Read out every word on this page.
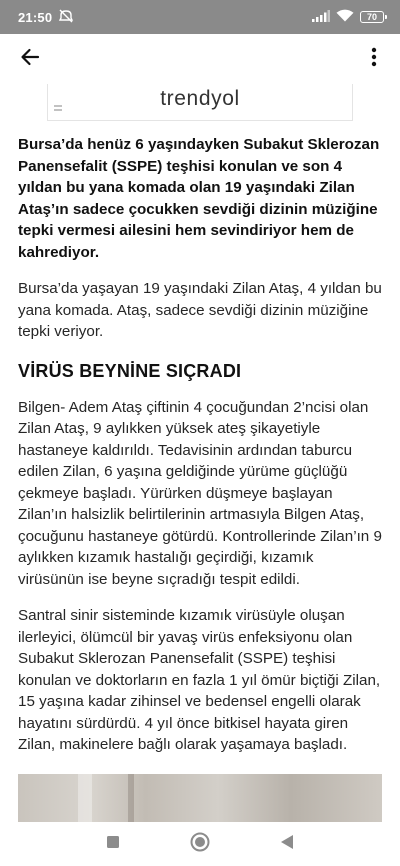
21:50	70
trendyol

Bursa’da henüz 6 yaşındayken Subakut Sklerozan Panensefalit (SSPE) teşhisi konulan ve son 4 yıldan bu yana komada olan 19 yaşındaki Zilan Ataş’ın sadece çocukken sevdiği dizinin müziğine tepki vermesi ailesini hem sevindiriyor hem de kahrediyor.

Bursa’da yaşayan 19 yaşındaki Zilan Ataş, 4 yıldan bu yana komada. Ataş, sadece sevdiği dizinin müziğine tepki veriyor.

VİRÜS BEYNİNE SIÇRADI

Bilgen- Adem Ataş çiftinin 4 çocuğundan 2’ncisi olan Zilan Ataş, 9 aylıkken yüksek ateş şikayetiyle hastaneye kaldırıldı. Tedavisinin ardından taburcu edilen Zilan, 6 yaşına geldiğinde yürüme güçlüğü çekmeye başladı. Yürürken düşmeye başlayan Zilan’ın halsizlik belirtilerinin artmasıyla Bilgen Ataş, çocuğunu hastaneye götürdü. Kontrollerinde Zilan’ın 9 aylıkken kızamık hastalığı geçirdiği, kızamık virüsünün ise beyne sıçradığı tespit edildi.

Santral sinir sisteminde kızamık virüsüyle oluşan ilerleyici, ölümcül bir yavaş virüs enfeksiyonu olan Subakut Sklerozan Panensefalit (SSPE) teşhisi konulan ve doktorların en fazla 1 yıl ömür biçtiği Zilan, 15 yaşına kadar zihinsel ve bedensel engelli olarak hayatını sürdürdü. 4 yıl önce bitkisel hayata giren Zilan, makinelere bağlı olarak yaşamaya başladı.
